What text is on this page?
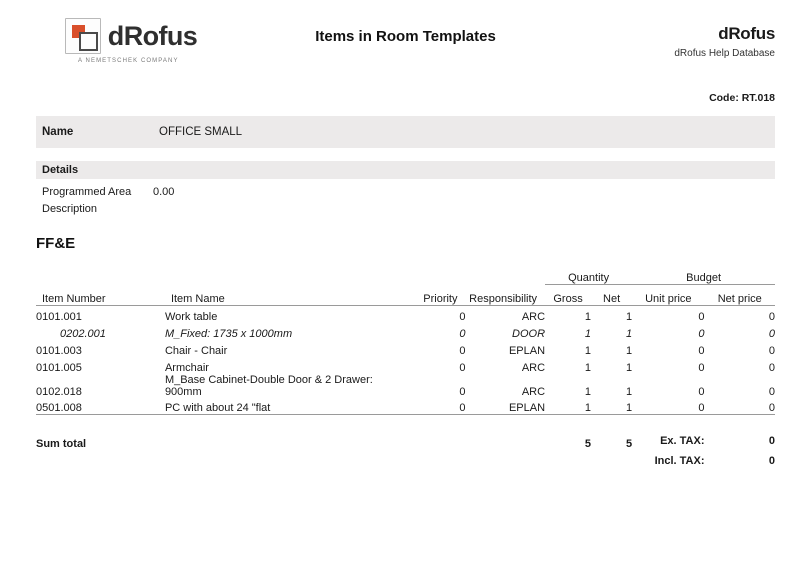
dRofus
A NEMETSCHEK COMPANY
Items in Room Templates	dRofus
dRofus Help Database
Code: RT.018
Name	OFFICE SMALL
Details
Programmed Area	0.00
Description
FF&E
				Quantity		Budget	
Item Number	Item Name	Priority	Responsibility	Gross	Net	Unit price	Net price
0101.001	Work table	0	ARC	1	1	0	0
0202.001	M_Fixed: 1735 x 1000mm	0	DOOR	1	1	0	0
0101.003	Chair - Chair	0	EPLAN	1	1	0	0
0101.005	Armchair	0	ARC	1	1	0	0
0102.018	M_Base Cabinet-Double Door & 2 Drawer: 900mm	0	ARC	1	1	0	0
0501.008	PC with about 24 "flat	0	EPLAN	1	1	0	0

Sum total				5	5	Ex. TAX:	0
						Incl. TAX:	0
